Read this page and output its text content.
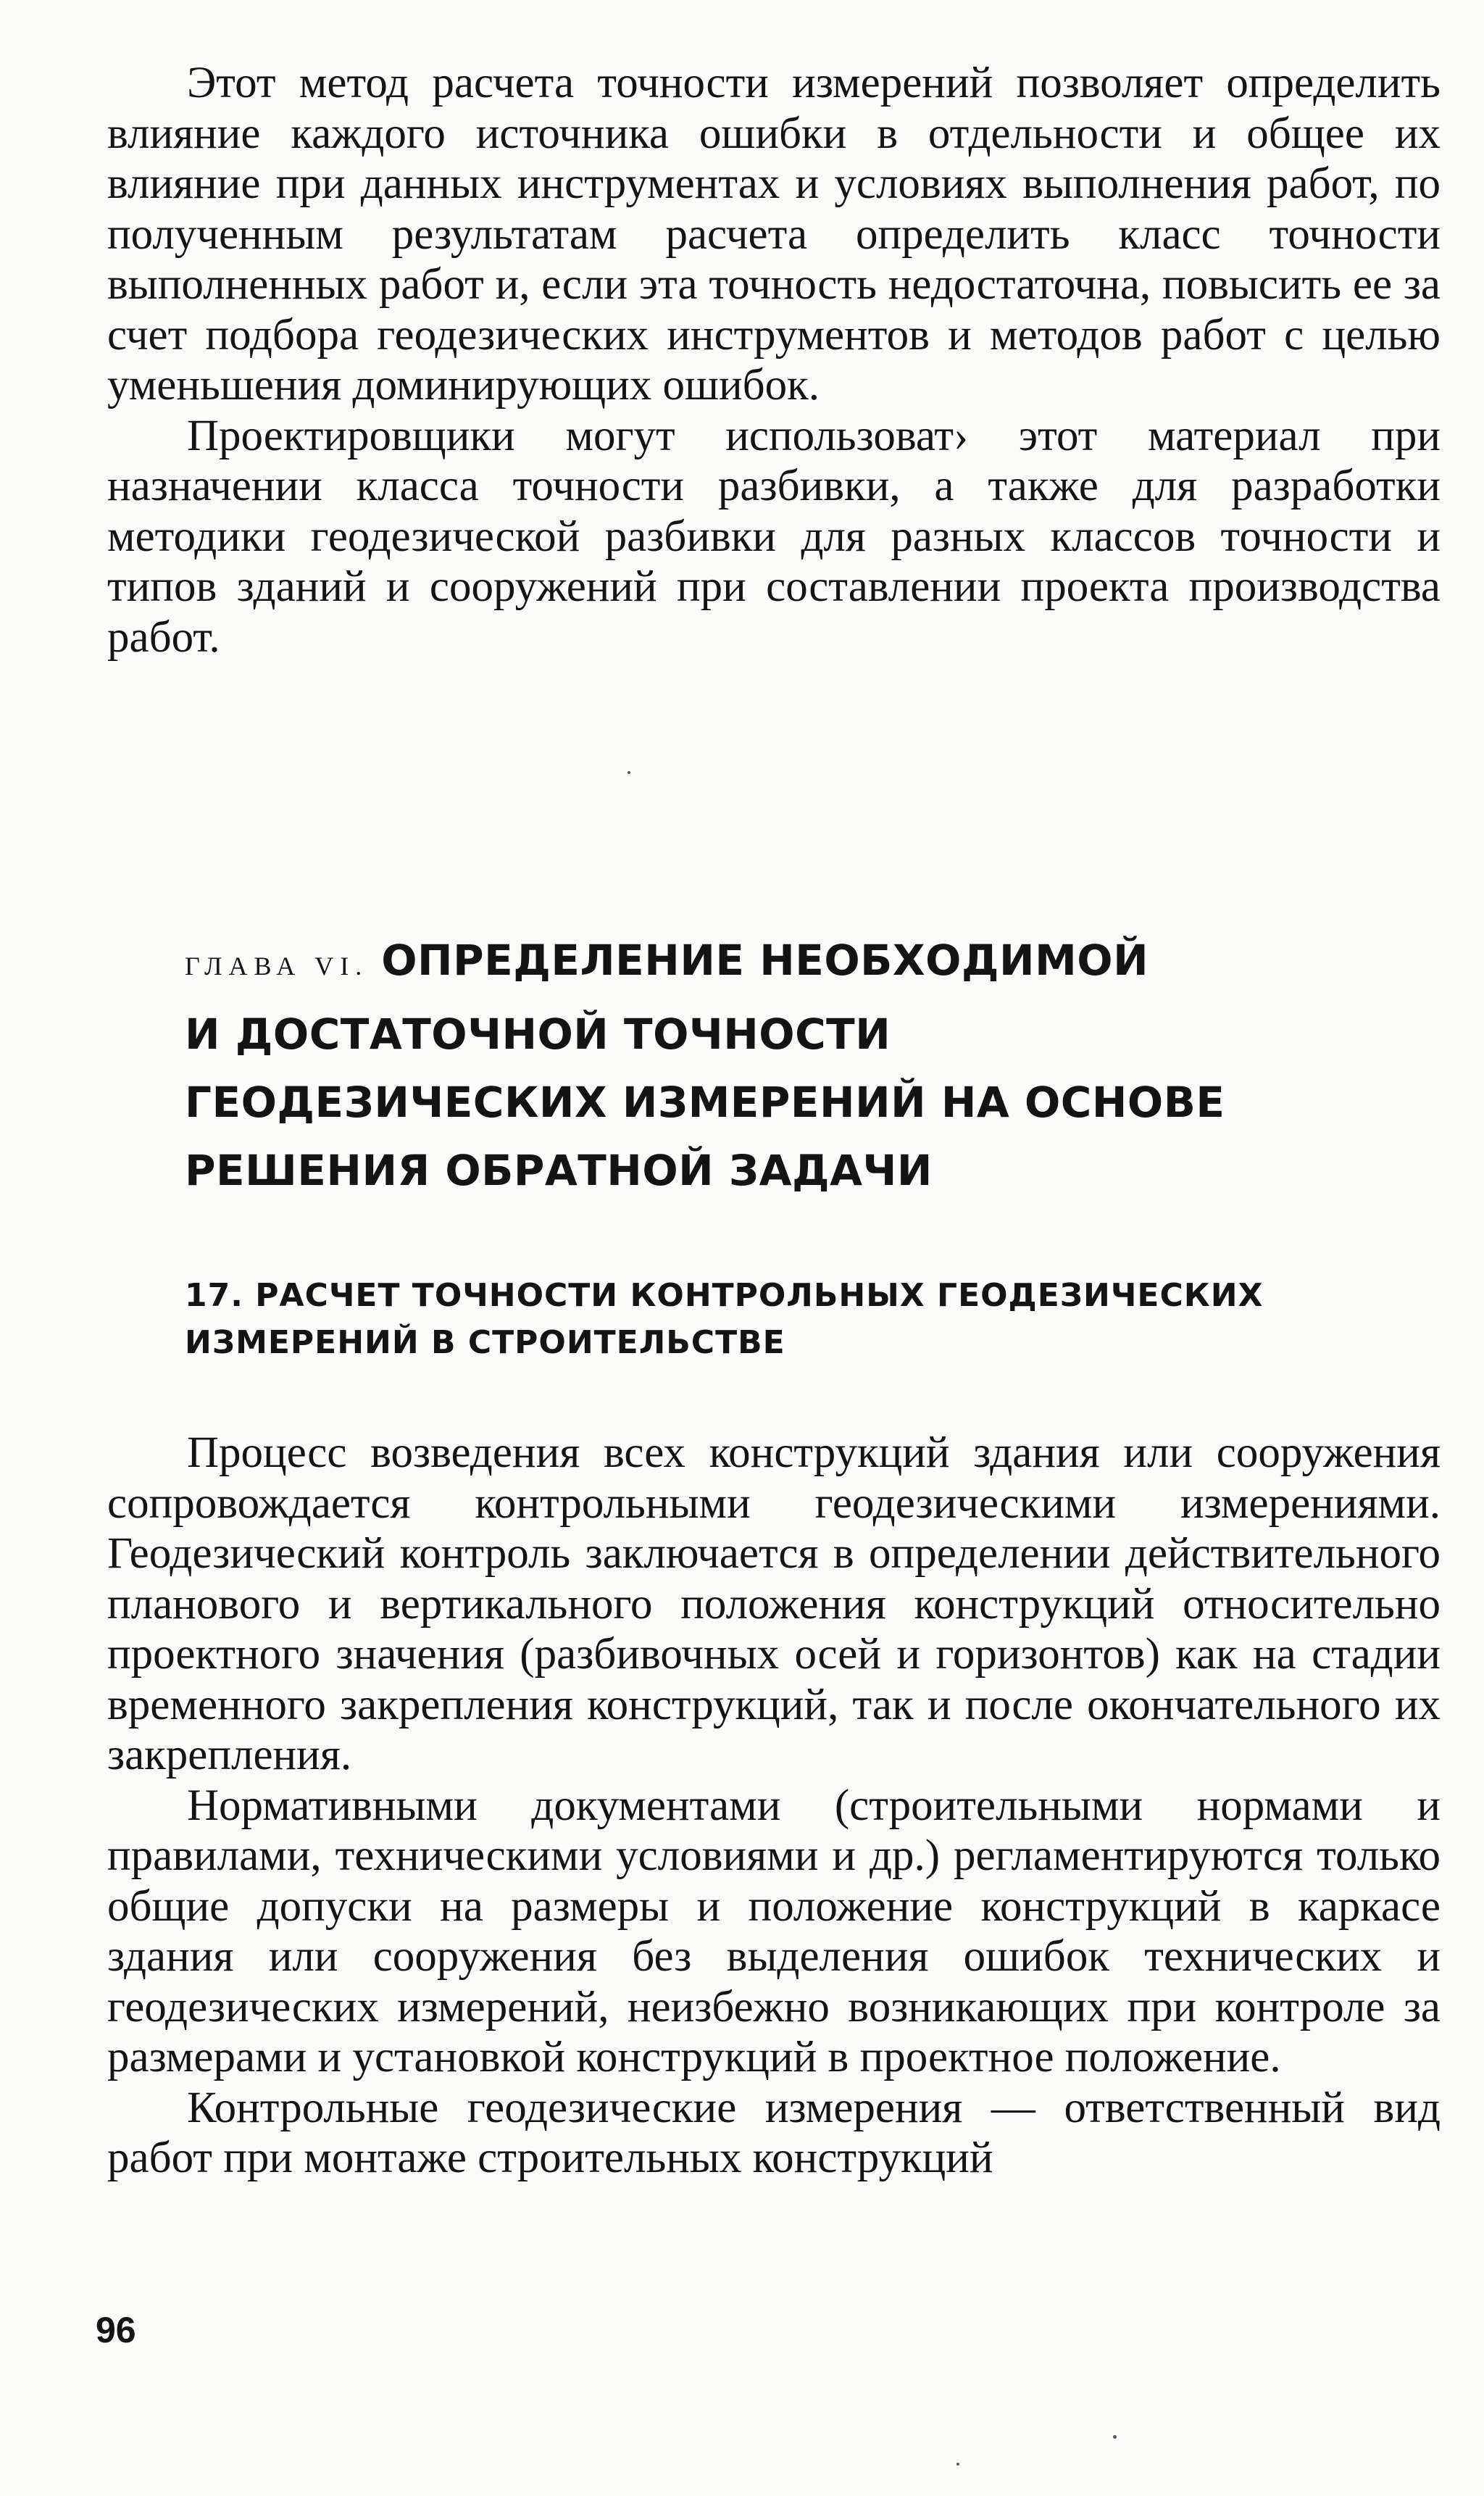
Этот метод расчета точности измерений позволяет определить влияние каждого источника ошибки в отдельности и общее их влияние при данных инструментах и условиях выполнения работ, по полученным результатам расчета определить класс точности выполненных работ и, если эта точность недостаточна, повысить ее за счет подбора геодезических инструментов и методов работ с целью уменьшения доминирующих ошибок.

Проектировщики могут использоват› этот материал при назначении класса точности разбивки, а также для разработки методики геодезической разбивки для разных классов точности и типов зданий и сооружений при составлении проекта производства работ.

ГЛАВА VI. ОПРЕДЕЛЕНИЕ НЕОБХОДИМОЙ
И ДОСТАТОЧНОЙ ТОЧНОСТИ
ГЕОДЕЗИЧЕСКИХ ИЗМЕРЕНИЙ НА ОСНОВЕ
РЕШЕНИЯ ОБРАТНОЙ ЗАДАЧИ
17. РАСЧЕТ ТОЧНОСТИ КОНТРОЛЬНЫХ ГЕОДЕЗИЧЕСКИХ
ИЗМЕРЕНИЙ В СТРОИТЕЛЬСТВЕ

Процесс возведения всех конструкций здания или сооружения сопровождается контрольными геодезическими измерениями. Геодезический контроль заключается в определении действительного планового и вертикального положения конструкций относительно проектного значения (разбивочных осей и горизонтов) как на стадии временного закрепления конструкций, так и после окончательного их закрепления.

Нормативными документами (строительными нормами и правилами, техническими условиями и др.) регламентируются только общие допуски на размеры и положение конструкций в каркасе здания или сооружения без выделения ошибок технических и геодезических измерений, неизбежно возникающих при контроле за размерами и установкой конструкций в проектное положение.

Контрольные геодезические измерения — ответственный вид работ при монтаже строительных конструкций

96
